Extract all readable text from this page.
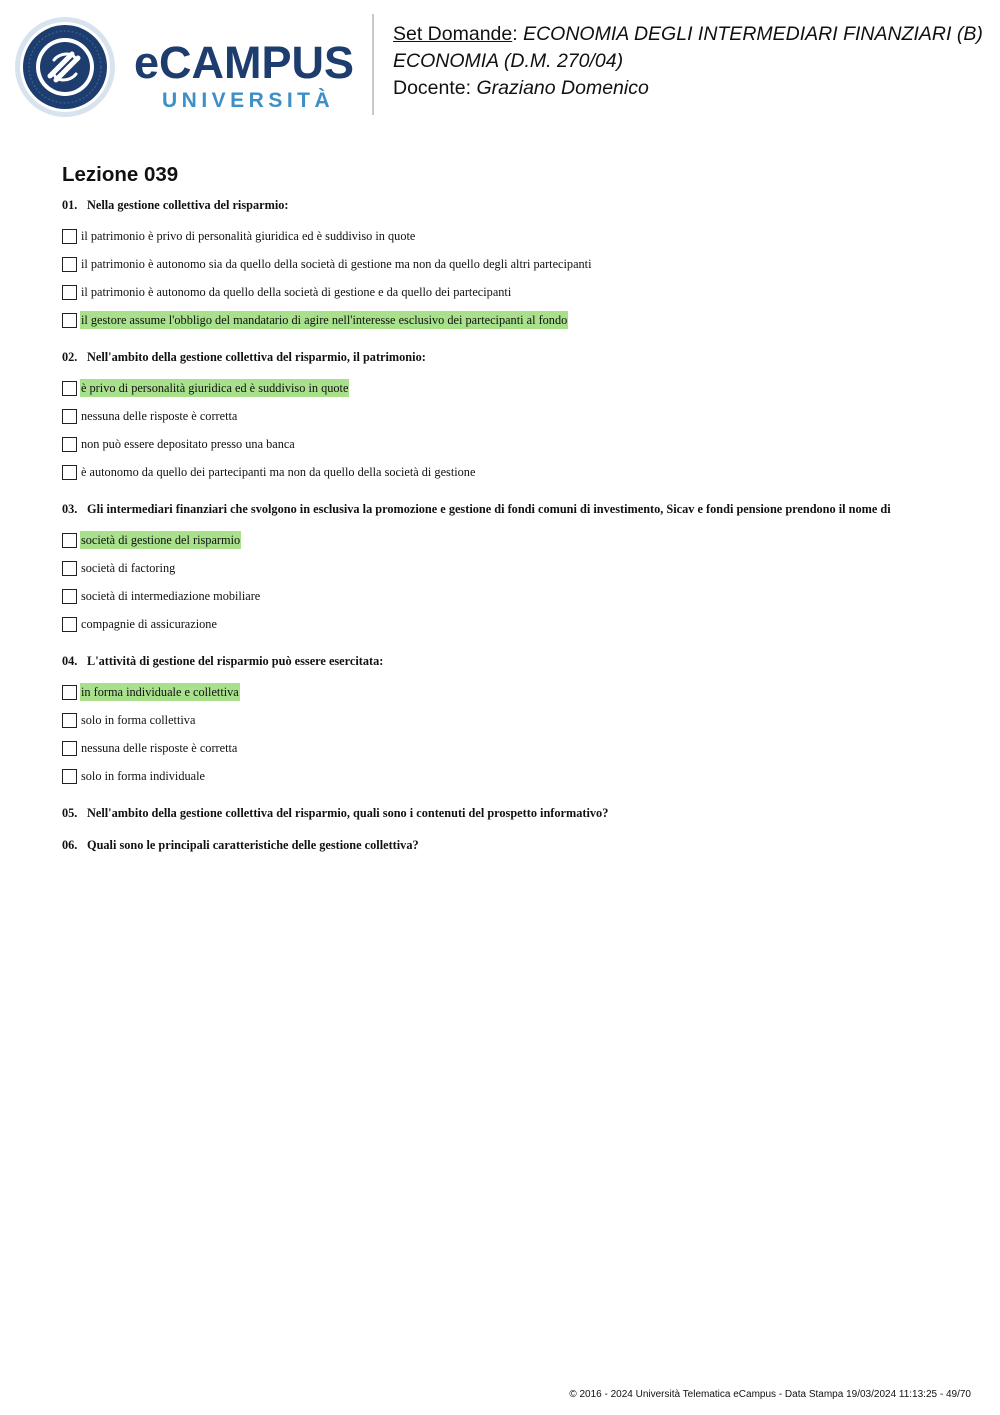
eCAMPUS
UNIVERSITÀ
Set Domande: ECONOMIA DEGLI INTERMEDIARI FINANZIARI (B)
ECONOMIA (D.M. 270/04)
Docente: Graziano Domenico
Lezione 039
01. Nella gestione collettiva del risparmio:
il patrimonio è privo di personalità giuridica ed è suddiviso in quote
il patrimonio è autonomo sia da quello della società di gestione ma non da quello degli altri partecipanti
il patrimonio è autonomo da quello della società di gestione e da quello dei partecipanti
il gestore assume l'obbligo del mandatario di agire nell'interesse esclusivo dei partecipanti al fondo
02. Nell'ambito della gestione collettiva del risparmio, il patrimonio:
è privo di personalità giuridica ed è suddiviso in quote
nessuna delle risposte è corretta
non può essere depositato presso una banca
è autonomo da quello dei partecipanti ma non da quello della società di gestione
03. Gli intermediari finanziari che svolgono in esclusiva la promozione e gestione di fondi comuni di investimento, Sicav e fondi pensione prendono il nome di
società di gestione del risparmio
società di factoring
società di intermediazione mobiliare
compagnie di assicurazione
04. L'attività di gestione del risparmio può essere esercitata:
in forma individuale e collettiva
solo in forma collettiva
nessuna delle risposte è corretta
solo in forma individuale
05. Nell'ambito della gestione collettiva del risparmio, quali sono i contenuti del prospetto informativo?
06. Quali sono le principali caratteristiche delle gestione collettiva?
© 2016 - 2024 Università Telematica eCampus - Data Stampa 19/03/2024 11:13:25 - 49/70
